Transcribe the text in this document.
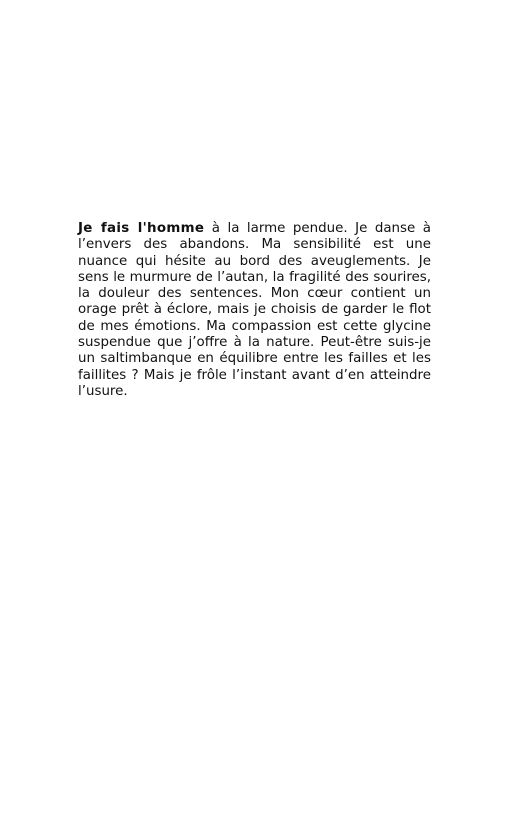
Je fais l'homme à la larme pendue. Je danse à l’envers des abandons. Ma sensibilité est une nuance qui hésite au bord des aveuglements. Je sens le murmure de l’autan, la fragilité des sourires, la douleur des sentences. Mon cœur contient un orage prêt à éclore, mais je choisis de garder le flot de mes émotions. Ma compassion est cette glycine suspendue que j’offre à la nature. Peut-être suis-je un saltimbanque en équilibre entre les failles et les faillites ? Mais je frôle l’instant avant d’en atteindre l’usure.
